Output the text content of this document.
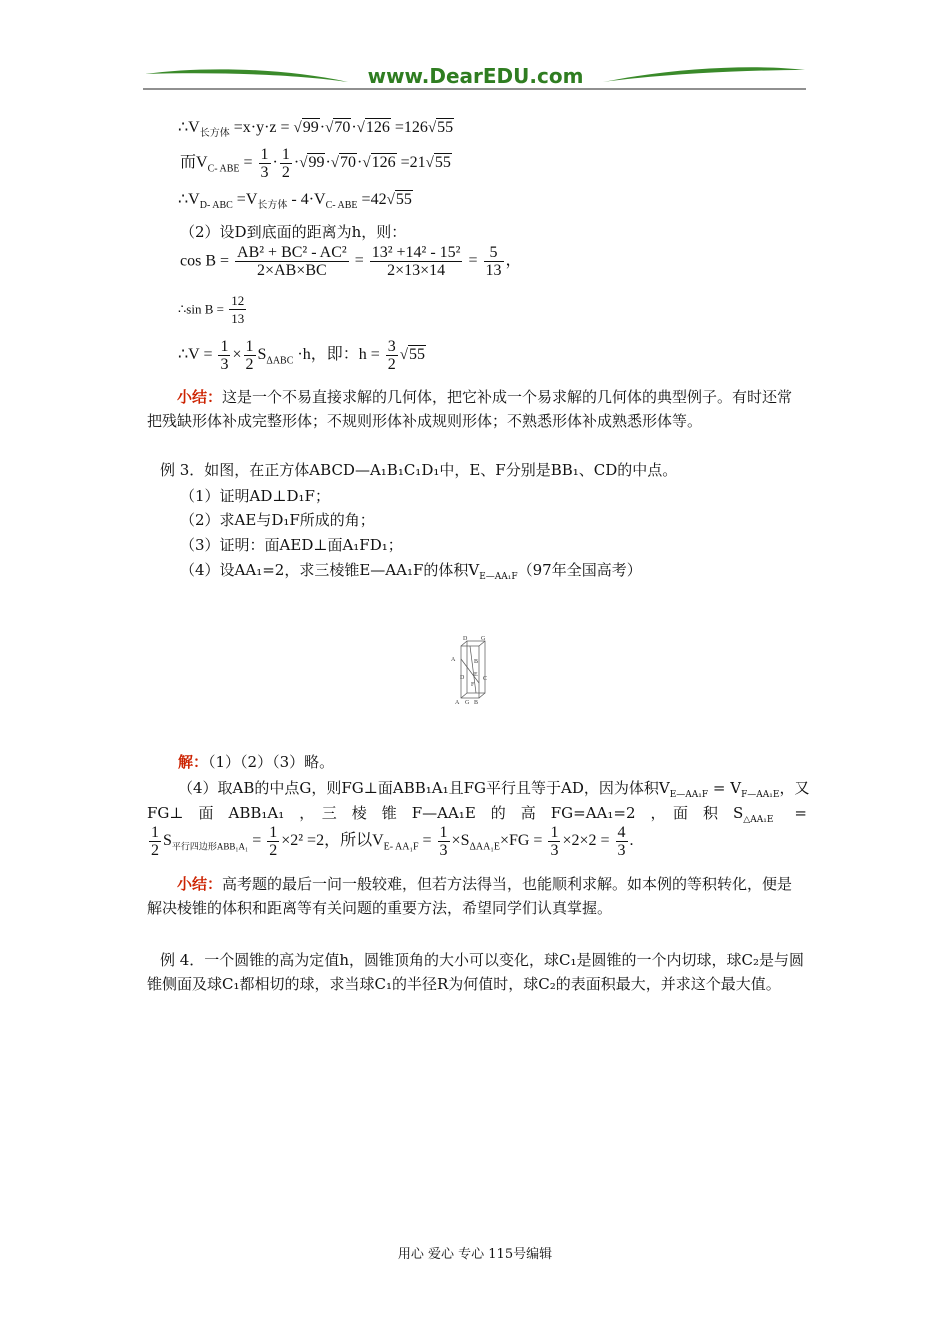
www.DearEDU.com
$\therefore V_{长方体} =x\cdot y\cdot z = √99\cdot√70\cdot√126 =126√55$
而$V_{C- ABE} = \frac{1}{3} \cdot \frac{1}{2} \cdot√99\cdot√70\cdot√126 =21√55$
$\therefore V_{D- ABC} =V_{长方体} - 4\cdot V_{C- ABE} =42√55$
（2）设D到底面的距离为h，则：
$\cos B = \frac{\text{AB² + BC² - AC²}}{2\times AB\times BC} = \frac{\text{13² +14² - 15²}}{2\times 13\times 14} = \frac{5}{13}$ ，
∴sin $B = \frac{12}{13}$
∴V = $\frac{1}{3} \times \frac{1}{2} S_{\Delta ABC} \cdot h$，即：$h = \frac{3}{2} √55$
小结：这是一个不易直接求解的几何体，把它补成一个易求解的几何体的典型例子。有时还常把残缺形体补成完整形体；不规则形体补成规则形体；不熟悉形体补成熟悉形体等。
例 3．如图，在正方体ABCD—A₁B₁C₁D₁中，E、F分别是BB₁、CD的中点。
（1）证明AD⊥D₁F；
（2）求AE与D₁F所成的角；
（3）证明：面AED⊥面A₁FD₁；
（4）设AA₁=2，求三棱锥E—AA₁F的体积$V_{E—AA_1F}(97$年全国高考）
D G
A	B
D E
C
F
A G B
解：（1）（2）（3）略。
（4）取AB的中点G，则FG⊥面ABB₁A₁且FG平行且等于AD，因为体积$V_{E—AA_1F} = V_{F—AA_1E}$，又
FG⊥　面　ABB₁A₁　，　三　棱　锥　F—AA₁E　的　高　FG=AA₁=2　，　面　积　$S_{\triangle AA_1E}$ =
$\frac{1}{2} S_{平行四边形ABB_1A_1} = \frac{1}{2} \times 2^2 =2$，所以$V_{E- AA_1F} = \frac{1}{3} \times S_{\Delta AA_1E}\times FG = \frac{1}{3} \times 2\times 2 = \frac{4}{3}$ .
小结：高考题的最后一问一般较难，但若方法得当，也能顺利求解。如本例的等积转化，便是解决棱锥的体积和距离等有关问题的重要方法，希望同学们认真掌握。
例 4．一个圆锥的高为定值h，圆锥顶角的大小可以变化，球C₁是圆锥的一个内切球，球C₂是与圆锥侧面及球C₁都相切的球，求当球C₁的半径R为何值时，球C₂的表面积最大，并求这个最大值。
用心 爱心 专心 115号编辑
